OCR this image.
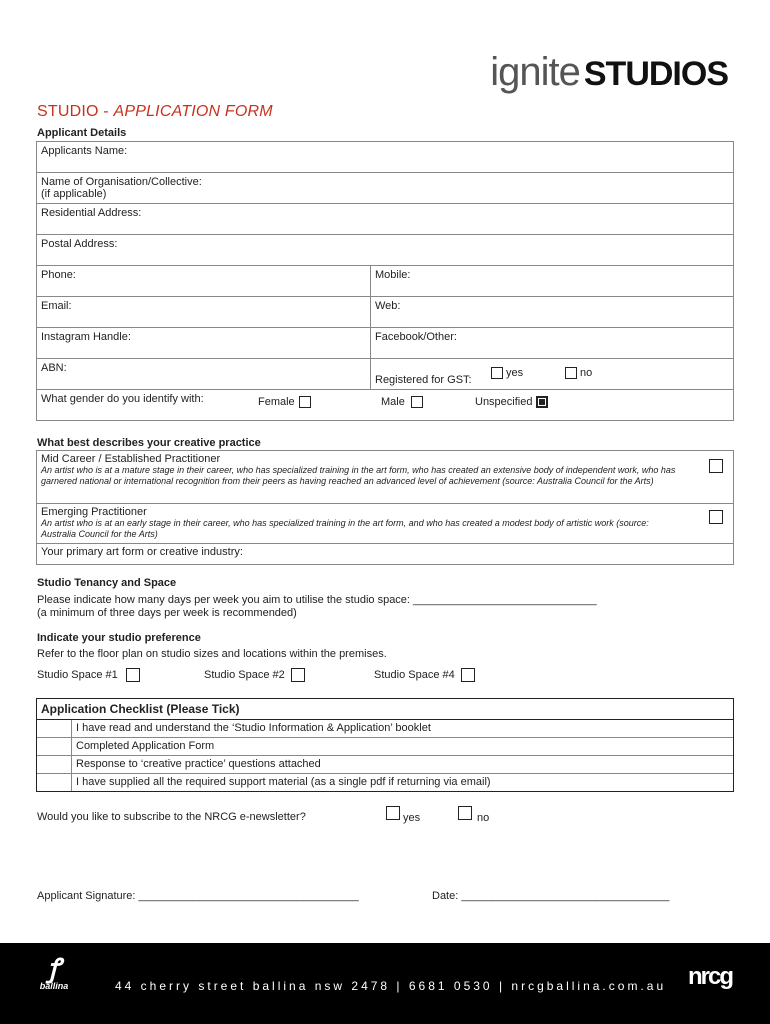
ignite STUDIOS
STUDIO - APPLICATION FORM
Applicant Details
Applicants Name:	

Name of Organisation/Collective:
(if applicable)	

Residential Address:	
Postal Address:	
Phone:	Mobile:
Email:	Web:
Instagram Handle:	Facebook/Other:
ABN:	Registered for GST:
yes no

What gender do you identify with: Female Male Unspecified	
What best describes your creative practice
Mid Career / Established Practitioner
An artist who is at a mature stage in their career, who has specialized training in the art form, who has created an extensive body of independent work, who has garnered national or international recognition from their peers as having reached an advanced level of achievement (source: Australia Council for the Arts)
Emerging Practitioner
An artist who is at an early stage in their career, who has specialized training in the art form, and who has created a modest body of artistic work (source: Australia Council for the Arts)
Your primary art form or creative industry:
Studio Tenancy and Space
Please indicate how many days per week you aim to utilise the studio space: ______________________________
(a minimum of three days per week is recommended)
Indicate your studio preference
Refer to the floor plan on studio sizes and locations within the premises.
Studio Space #1	Studio Space #2	Studio Space #4
Application Checklist (Please Tick)
I have read and understand the ‘Studio Information & Application’ booklet
Completed Application Form
Response to ‘creative practice’ questions attached
I have supplied all the required support material (as a single pdf if returning via email)
Would you like to subscribe to the NRCG e-newsletter?	yes	no
Applicant Signature: ____________________________________	Date: __________________________________
ꝭ
ballina	44 cherry street ballina nsw 2478 | 6681 0530 | nrcgballina.com.au nrcg
